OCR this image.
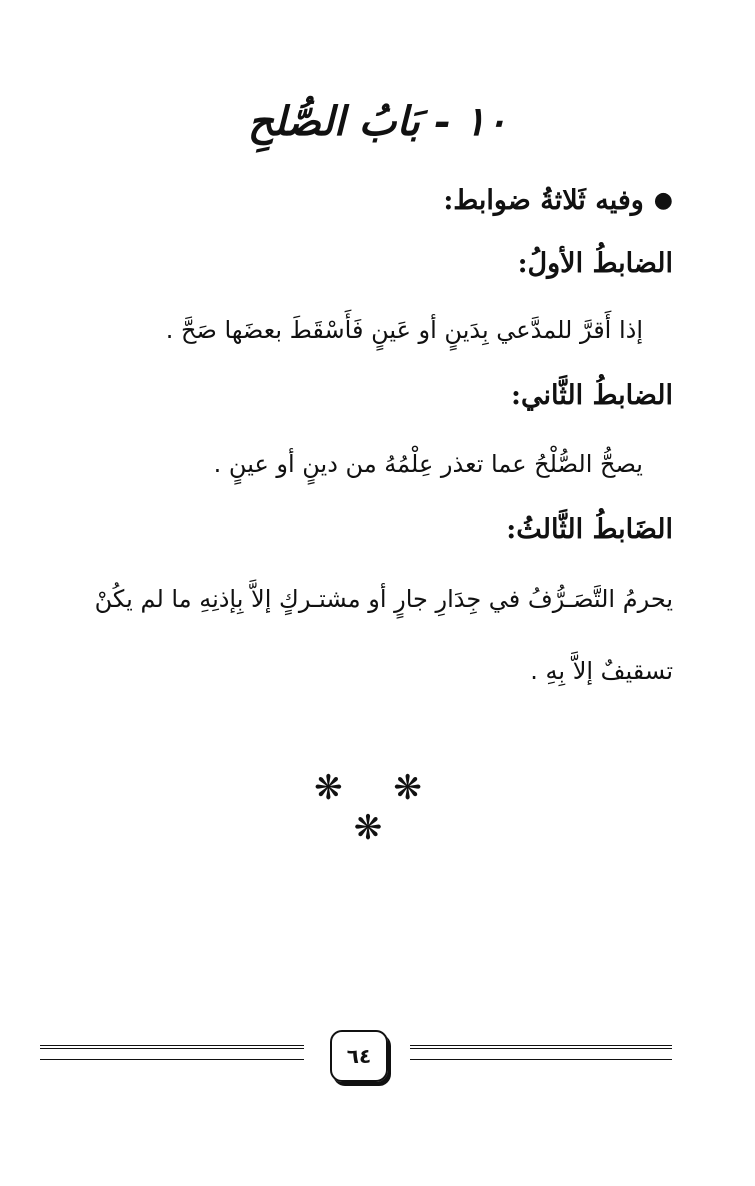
١٠ - بَابُ الصُّلحِ
●وفيه ثَلاثةُ ضوابط:
الضابطُ الأولُ:
إذا أَقرَّ للمدَّعي بِدَينٍ أو عَينٍ فَأَسْقَطَ بعضَها صَحَّ .
الضابطُ الثَّاني:
يصحُّ الصُّلْحُ عما تعذر عِلْمُهُ من دينٍ أو عينٍ .
الضَابطُ الثَّالثُ:
يحرمُ التَّصَـرُّفُ في جِدَارِ جارٍ أو مشتـركٍ إلاَّ بِإذنِهِ ما لم يكُنْ تسقيفٌ إلاَّ بِهِ .
❋ ❋ ❋
٦٤
